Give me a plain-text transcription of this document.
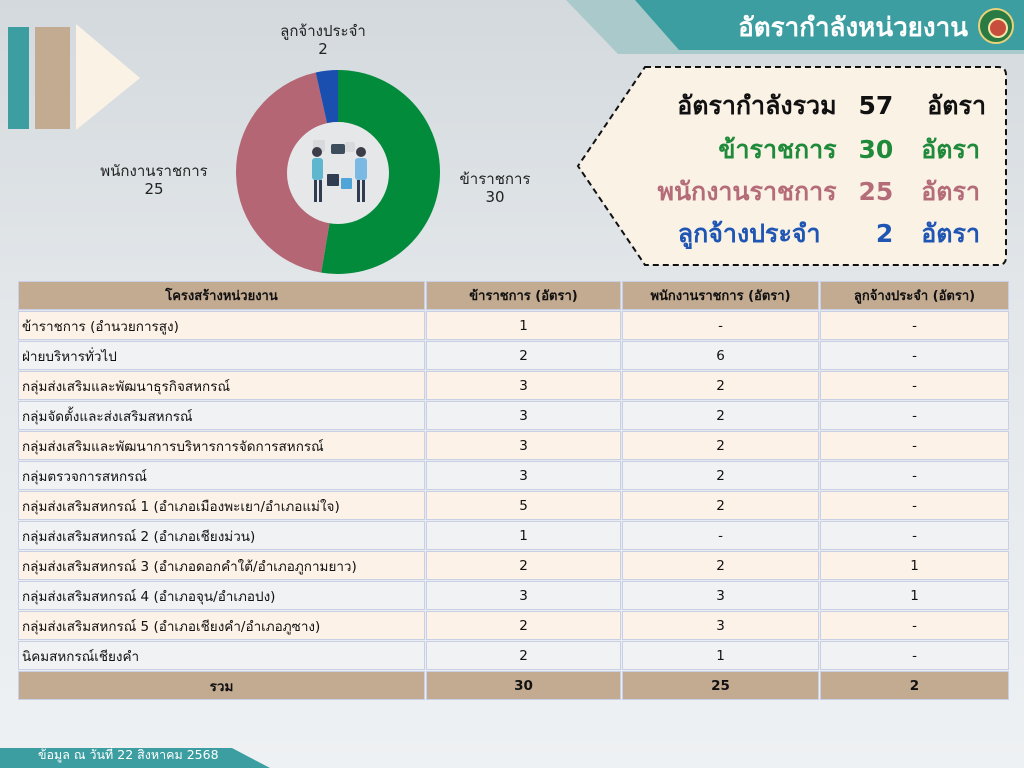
อัตรากำลังหน่วยงาน
ลูกจ้างประจำ
2
ข้าราชการ
30
พนักงานราชการ
25
อัตรากำลังรวม 57 อัตรา
ข้าราชการ 30 อัตรา
พนักงานราชการ 25 อัตรา
ลูกจ้างประจำ 2 อัตรา
โครงสร้างหน่วยงาน	ข้าราชการ (อัตรา)	พนักงานราชการ (อัตรา)	ลูกจ้างประจำ (อัตรา)
ข้าราชการ (อำนวยการสูง)	1	-	-
ฝ่ายบริหารทั่วไป	2	6	-
กลุ่มส่งเสริมและพัฒนาธุรกิจสหกรณ์	3	2	-
กลุ่มจัดตั้งและส่งเสริมสหกรณ์	3	2	-
กลุ่มส่งเสริมและพัฒนาการบริหารการจัดการสหกรณ์	3	2	-
กลุ่มตรวจการสหกรณ์	3	2	-
กลุ่มส่งเสริมสหกรณ์ 1 (อำเภอเมืองพะเยา/อำเภอแม่ใจ)	5	2	-
กลุ่มส่งเสริมสหกรณ์ 2 (อำเภอเชียงม่วน)	1	-	-
กลุ่มส่งเสริมสหกรณ์ 3 (อำเภอดอกคำใต้/อำเภอภูกามยาว)	2	2	1
กลุ่มส่งเสริมสหกรณ์ 4 (อำเภอจุน/อำเภอปง)	3	3	1
กลุ่มส่งเสริมสหกรณ์ 5 (อำเภอเชียงคำ/อำเภอภูซาง)	2	3	-
นิคมสหกรณ์เชียงคำ	2	1	-
รวม	30	25	2
ข้อมูล ณ วันที่ 22 สิงหาคม 2568
